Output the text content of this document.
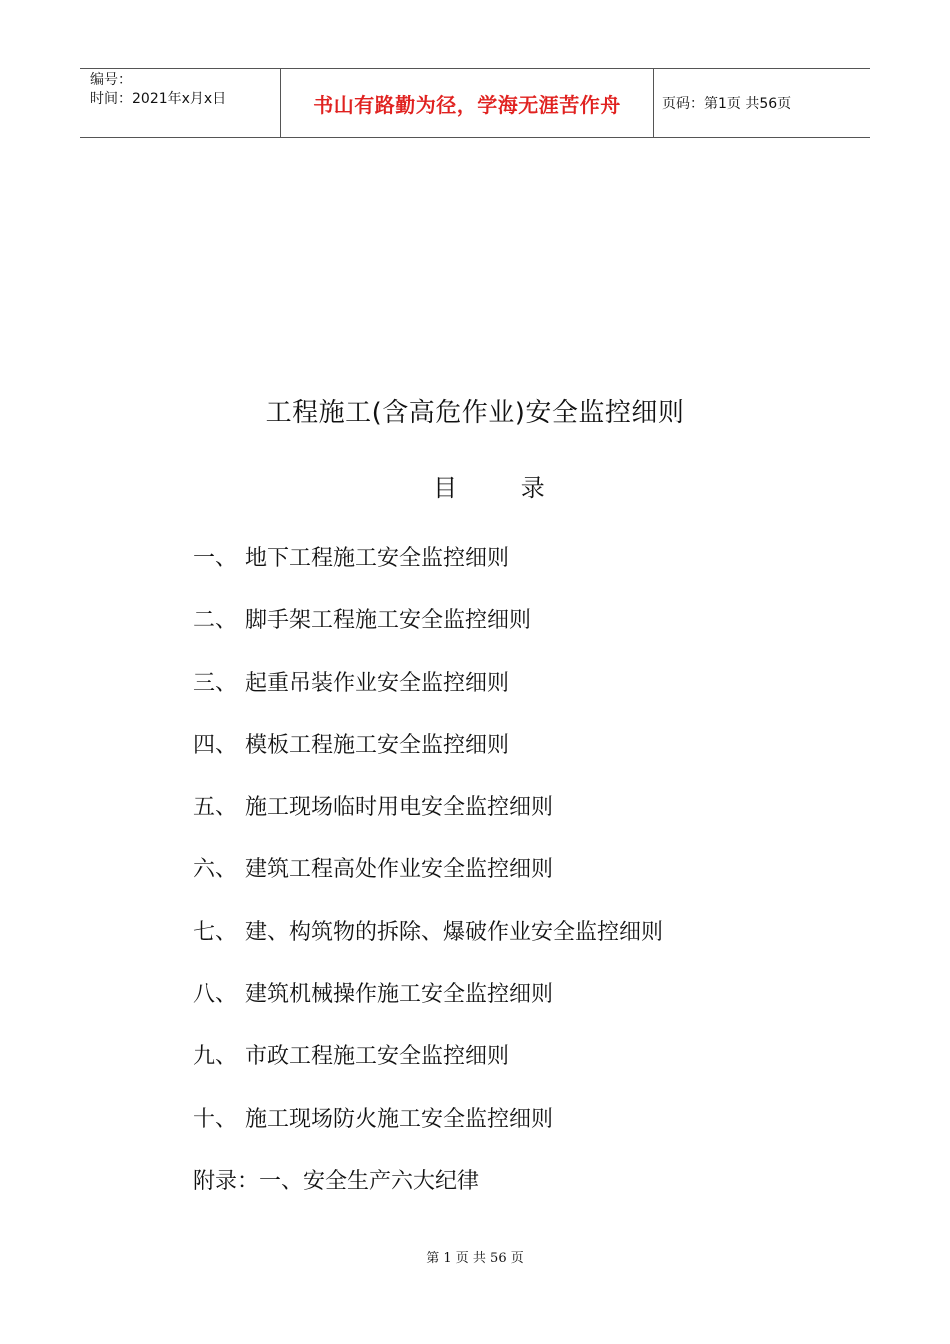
编号：
时间：2021年x月x日	书山有路勤为径，学海无涯苦作舟	页码：第1页 共56页
工程施工(含高危作业)安全监控细则
目 录
一、 地下工程施工安全监控细则
二、 脚手架工程施工安全监控细则
三、 起重吊装作业安全监控细则
四、 模板工程施工安全监控细则
五、 施工现场临时用电安全监控细则
六、 建筑工程高处作业安全监控细则
七、 建、构筑物的拆除、爆破作业安全监控细则
八、 建筑机械操作施工安全监控细则
九、 市政工程施工安全监控细则
十、 施工现场防火施工安全监控细则
附录：一、安全生产六大纪律
第 1 页 共 56 页
